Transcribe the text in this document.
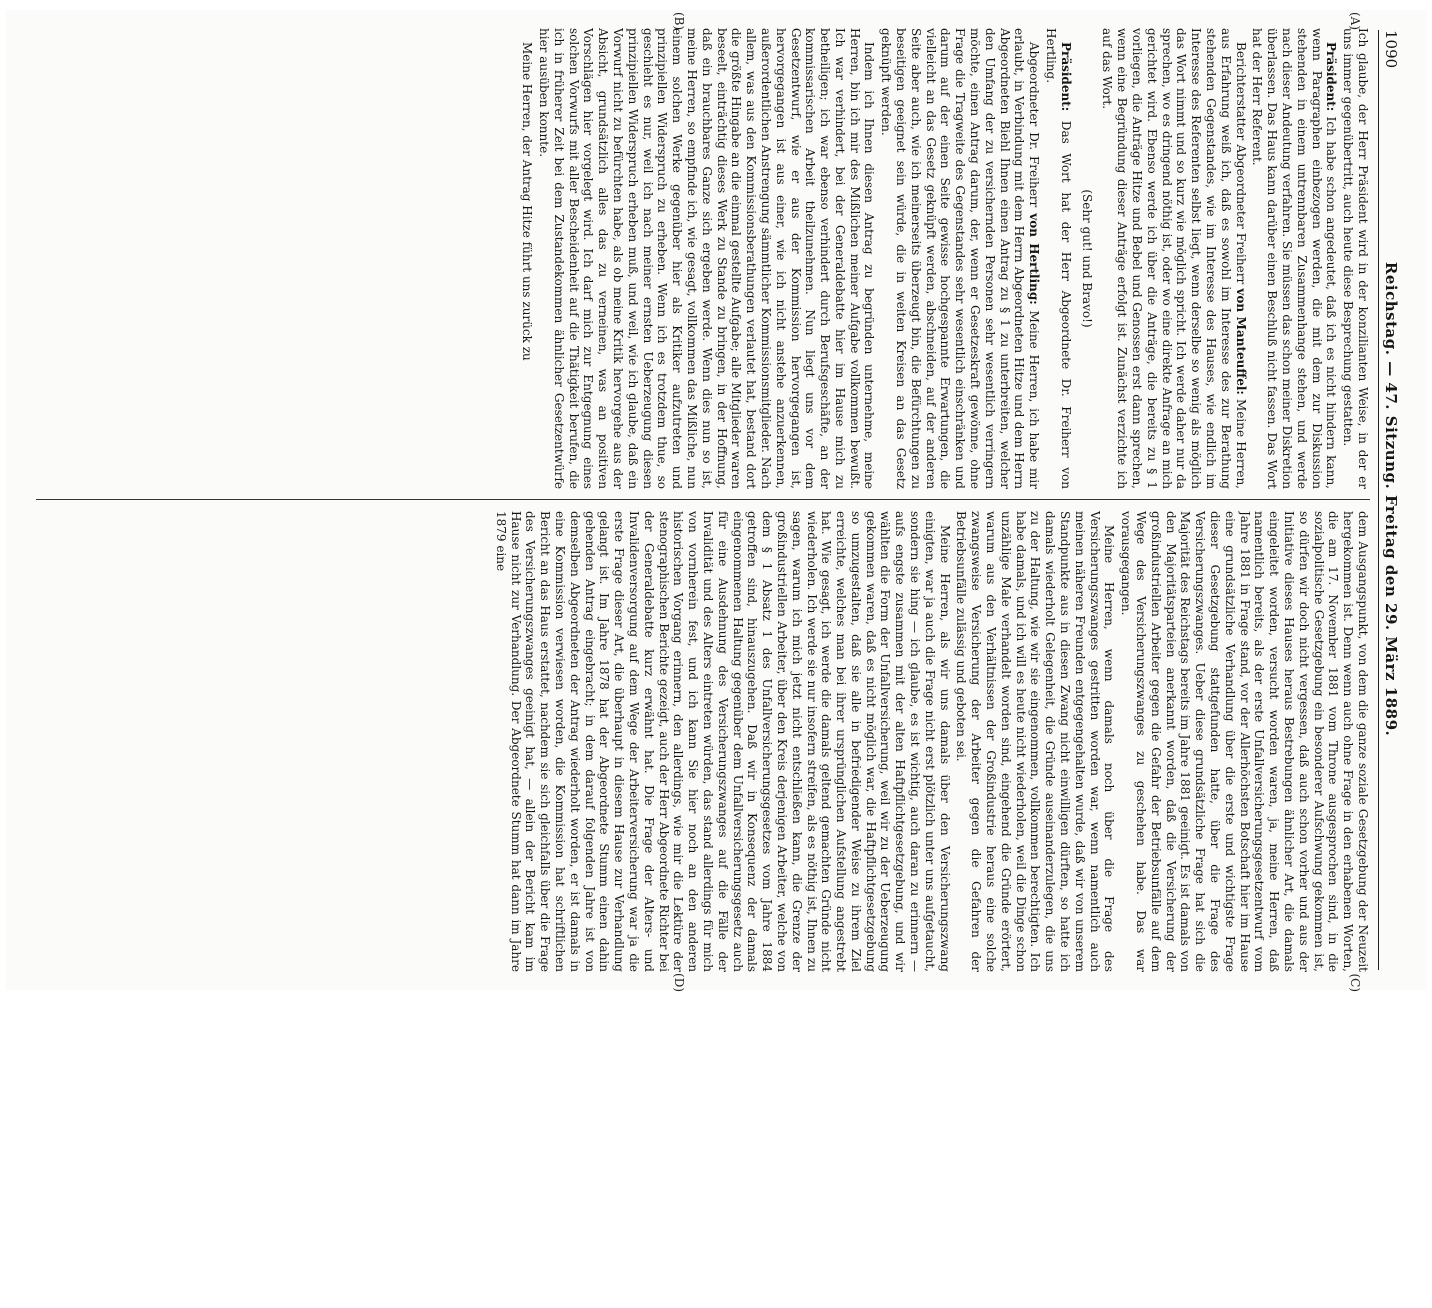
1090
Reichstag. — 47. Sitzung. Freitag den 29. März 1889.
(A)
(B)
(C)
(D)

Ich glaube, der Herr Präsident wird in der konzilianten Weise, in der er uns immer gegenübertritt, auch heute diese Besprechung gestatten.

Präsident: Ich habe schon angedeutet, daß ich es nicht hindern kann, wenn Paragraphen einbezogen werden, die mit dem zur Diskussion stehenden in einem untrennbaren Zusammenhange stehen, und werde nach dieser Andeutung verfahren. Sie müssen das schon meiner Diskretion überlassen. Das Haus kann darüber einen Beschluß nicht fassen. Das Wort hat der Herr Referent.

Berichterstatter Abgeordneter Freiherr von Manteuffel: Meine Herren, aus Erfahrung weiß ich, daß es sowohl im Interesse des zur Berathung stehenden Gegenstandes, wie im Interesse des Hauses, wie endlich im Interesse des Referenten selbst liegt, wenn derselbe so wenig als möglich das Wort nimmt und so kurz wie möglich spricht. Ich werde daher nur da sprechen, wo es dringend nöthig ist, oder wo eine direkte Anfrage an mich gerichtet wird. Ebenso werde ich über die Anträge, die bereits zu § 1 vorliegen, die Anträge Hitze und Bebel und Genossen erst dann sprechen, wenn eine Begründung dieser Anträge erfolgt ist. Zunächst verzichte ich auf das Wort.

(Sehr gut! und Bravo!)

Präsident: Das Wort hat der Herr Abgeordnete Dr. Freiherr von Hertling.

Abgeordneter Dr. Freiherr von Hertling: Meine Herren, ich habe mir erlaubt, in Verbindung mit dem Herrn Abgeordneten Hitze und dem Herrn Abgeordneten Biehl Ihnen einen Antrag zu § 1 zu unterbreiten, welcher den Umfang der zu versichernden Personen sehr wesentlich verringern möchte, einen Antrag darum, der, wenn er Gesetzeskraft gewönne, ohne Frage die Tragweite des Gegenstandes sehr wesentlich einschränken und darum auf der einen Seite gewisse hochgespannte Erwartungen, die vielleicht an das Gesetz geknüpft werden, abschneiden, auf der anderen Seite aber auch, wie ich meinerseits überzeugt bin, die Befürchtungen zu beseitigen geeignet sein würde, die in weiten Kreisen an das Gesetz geknüpft werden.

Indem ich Ihnen diesen Antrag zu begründen unternehme, meine Herren, bin ich mir des Mißlichen meiner Aufgabe vollkommen bewußt. Ich war verhindert, bei der Generaldebatte hier im Hause mich zu betheiligen; ich war ebenso verhindert durch Berufsgeschäfte, an der kommissarischen Arbeit theilzunehmen. Nun liegt uns vor dem Gesetzentwurf, wie er aus der Kommission hervorgegangen ist, hervorgegangen ist aus einer, wie ich nicht anstehe anzuerkennen, außerordentlichen Anstrengung sämmtlicher Kommissionsmitglieder. Nach allem, was aus den Kommissionsberathungen verlautet hat, bestand dort die größte Hingabe an die einmal gestellte Aufgabe; alle Mitglieder waren beseelt, einträchtig dieses Werk zu Stande zu bringen, in der Hoffnung, daß ein brauchbares Ganze sich ergeben werde. Wenn dies nun so ist, meine Herren, so empfinde ich, wie gesagt, vollkommen das Mißliche, nun einem solchen Werke gegenüber hier als Kritiker aufzutreten und prinzipiellen Widerspruch zu erheben. Wenn ich es trotzdem thue, so geschieht es nur, weil ich nach meiner ernsten Ueberzeugung diesen prinzipiellen Widerspruch erheben muß, und weil, wie ich glaube, daß ein Vorwurf nicht zu befürchten habe, als ob meine Kritik hervorgehe aus der Absicht, grundsätzlich alles das zu verneinen, was an positiven Vorschlägen hier vorgelegt wird. Ich darf mich zur Entgegnung eines solchen Vorwurfs mit aller Bescheidenheit auf die Thätigkeit berufen, die ich in früherer Zeit bei dem Zustandekommen ähnlicher Gesetzentwürfe hier ausüben konnte.

Meine Herren, der Antrag Hitze führt uns zurück zu

dem Ausgangspunkt, von dem die ganze soziale Gesetzgebung der Neuzeit hergekommen ist. Denn wenn auch ohne Frage in den erhabenen Worten, die am 17. November 1881 vom Throne ausgesprochen sind, in die sozialpolitische Gesetzgebung ein besonderer Aufschwung gekommen ist, so dürfen wir doch nicht vergessen, daß auch schon vorher und aus der Initiative dieses Hauses heraus Bestrebungen ähnlicher Art, die damals eingeleitet worden, versucht worden waren, ja, meine Herren, daß namentlich bereits, als der erste Unfallversicherungsgesetzentwurf vom Jahre 1881 in Frage stand, vor der Allerhöchsten Botschaft hier im Hause eine grundsätzliche Verhandlung über die erste und wichtigste Frage dieser Gesetzgebung stattgefunden hatte, über die Frage des Versicherungszwanges. Ueber diese grundsätzliche Frage hat sich die Majorität des Reichstags bereits im Jahre 1881 geeinigt. Es ist damals von den Majoritätsparteien anerkannt worden, daß die Versicherung der großindustriellen Arbeiter gegen die Gefahr der Betriebsunfälle auf dem Wege des Versicherungszwanges zu geschehen habe. Das war vorausgegangen.

Meine Herren, wenn damals noch über die Frage des Versicherungszwanges gestritten worden war, wenn namentlich auch meinen näheren Freunden entgegengehalten wurde, daß wir von unserem Standpunkte aus in diesen Zwang nicht einwilligen dürften, so hatte ich damals wiederholt Gelegenheit, die Gründe auseinanderzulegen, die uns zu der Haltung, wie wir sie eingenommen, vollkommen berechtigten. Ich habe damals, und ich will es heute nicht wiederholen, weil die Dinge schon unzählige Male verhandelt worden sind, eingehend die Gründe erörtert, warum aus den Verhältnissen der Großindustrie heraus eine solche zwangsweise Versicherung der Arbeiter gegen die Gefahren der Betriebsunfälle zulässig und geboten sei.

Meine Herren, als wir uns damals über den Versicherungszwang einigten, war ja auch die Frage nicht erst plötzlich unter uns aufgetaucht, sondern sie hing — ich glaube, es ist wichtig, auch daran zu erinnern — aufs engste zusammen mit der alten Haftpflichtgesetzgebung, und wir wählten die Form der Unfallversicherung, weil wir zu der Ueberzeugung gekommen waren, daß es nicht möglich war, die Haftpflichtgesetzgebung so umzugestalten, daß sie alle in befriedigender Weise zu ihrem Ziel erreichte, welches man bei ihrer ursprünglichen Aufstellung angestrebt hat. Wie gesagt, ich werde die damals geltend gemachten Gründe nicht wiederholen. Ich werde sie nur insofern streifen, als es nöthig ist, Ihnen zu sagen, warum ich mich jetzt nicht entschließen kann, die Grenze der großindustriellen Arbeiter, über den Kreis derjenigen Arbeiter, welche von dem § 1 Absatz 1 des Unfallversicherungsgesetzes vom Jahre 1884 getroffen sind, hinauszugehen. Daß wir in Konsequenz der damals eingenommenen Haltung gegenüber dem Unfallversicherungsgesetz auch für eine Ausdehnung des Versicherungszwanges auf die Fälle der Invalidität und des Alters eintreten würden, das stand allerdings für mich von vornherein fest, und ich kann Sie hier noch an den anderen historischen Vorgang erinnern, den allerdings, wie mir die Lektüre der stenographischen Berichte gezeigt, auch der Herr Abgeordnete Richter bei der Generaldebatte kurz erwähnt hat. Die Frage der Alters- und Invalidenversorgung auf dem Wege der Arbeiterversicherung war ja die erste Frage dieser Art, die überhaupt in diesem Hause zur Verhandlung gelangt ist. Im Jahre 1878 hat der Abgeordnete Stumm einen dahin gehenden Antrag eingebracht; in dem darauf folgenden Jahre ist von demselben Abgeordneten der Antrag wiederholt worden, er ist damals in eine Kommission verwiesen worden, die Kommission hat schriftlichen Bericht an das Haus erstattet, nachdem sie sich gleichfalls über die Frage des Versicherungszwanges geeinigt hat, — allein der Bericht kam im Hause nicht zur Verhandlung. Der Abgeordnete Stumm hat dann im Jahre 1879 eine
